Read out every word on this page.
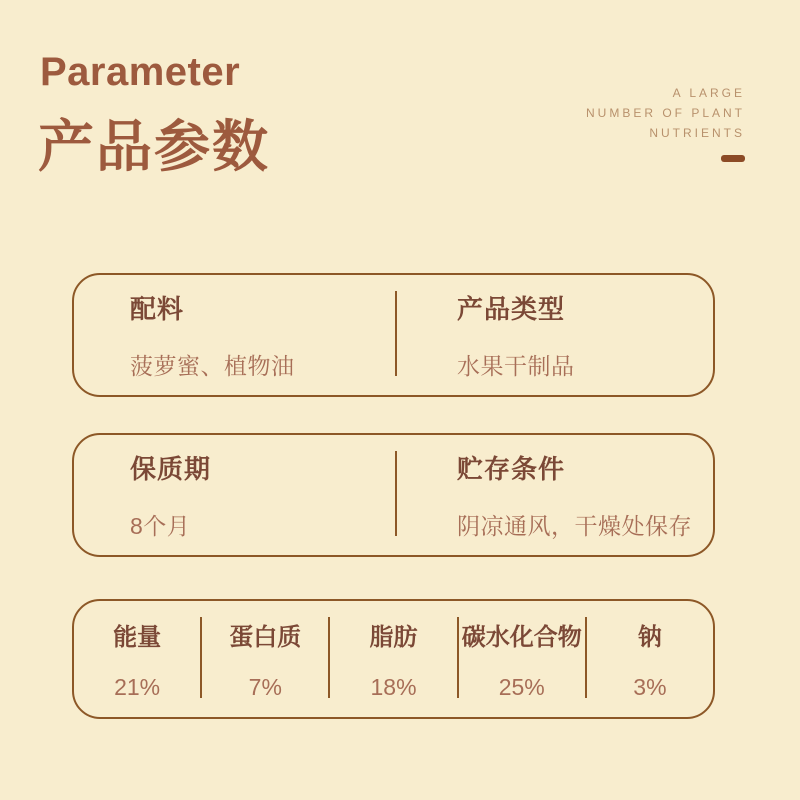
Parameter
产品参数
A LARGE
NUMBER OF PLANT
NUTRIENTS
配料
菠萝蜜、植物油
产品类型
水果干制品
保质期
8个月
贮存条件
阴凉通风，干燥处保存
能量
21%
蛋白质
7%
脂肪
18%
碳水化合物
25%
钠
3%
